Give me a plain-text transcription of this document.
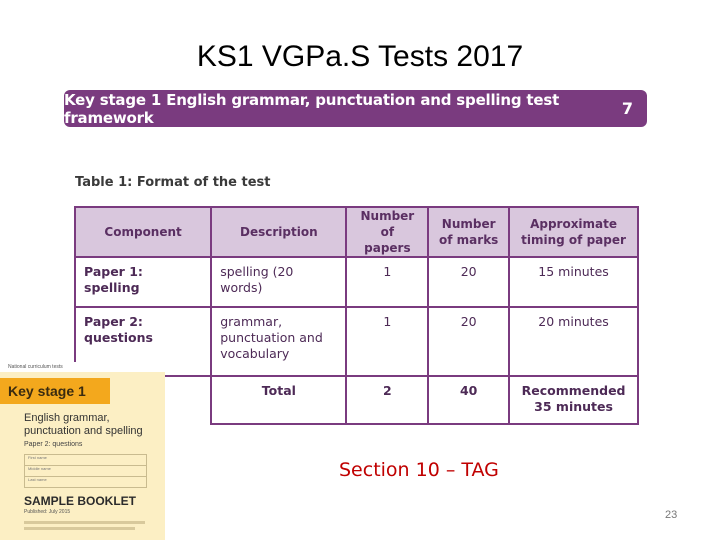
KS1 VGPa.S Tests 2017
Key stage 1 English grammar, punctuation and spelling test framework	7
Table 1: Format of the test
Component	Description	Number of papers	Number of marks	Approximate timing of paper
Paper 1: spelling	spelling (20 words)	1	20	15 minutes
Paper 2: questions	grammar, punctuation and vocabulary	1	20	20 minutes
	Total	2	40	Recommended 35 minutes
National curriculum tests
Key stage 1
English grammar, punctuation and spelling
Paper 2: questions
First name
Middle name
Last name
SAMPLE BOOKLET
Published: July 2015
Section 10 – TAG
23
